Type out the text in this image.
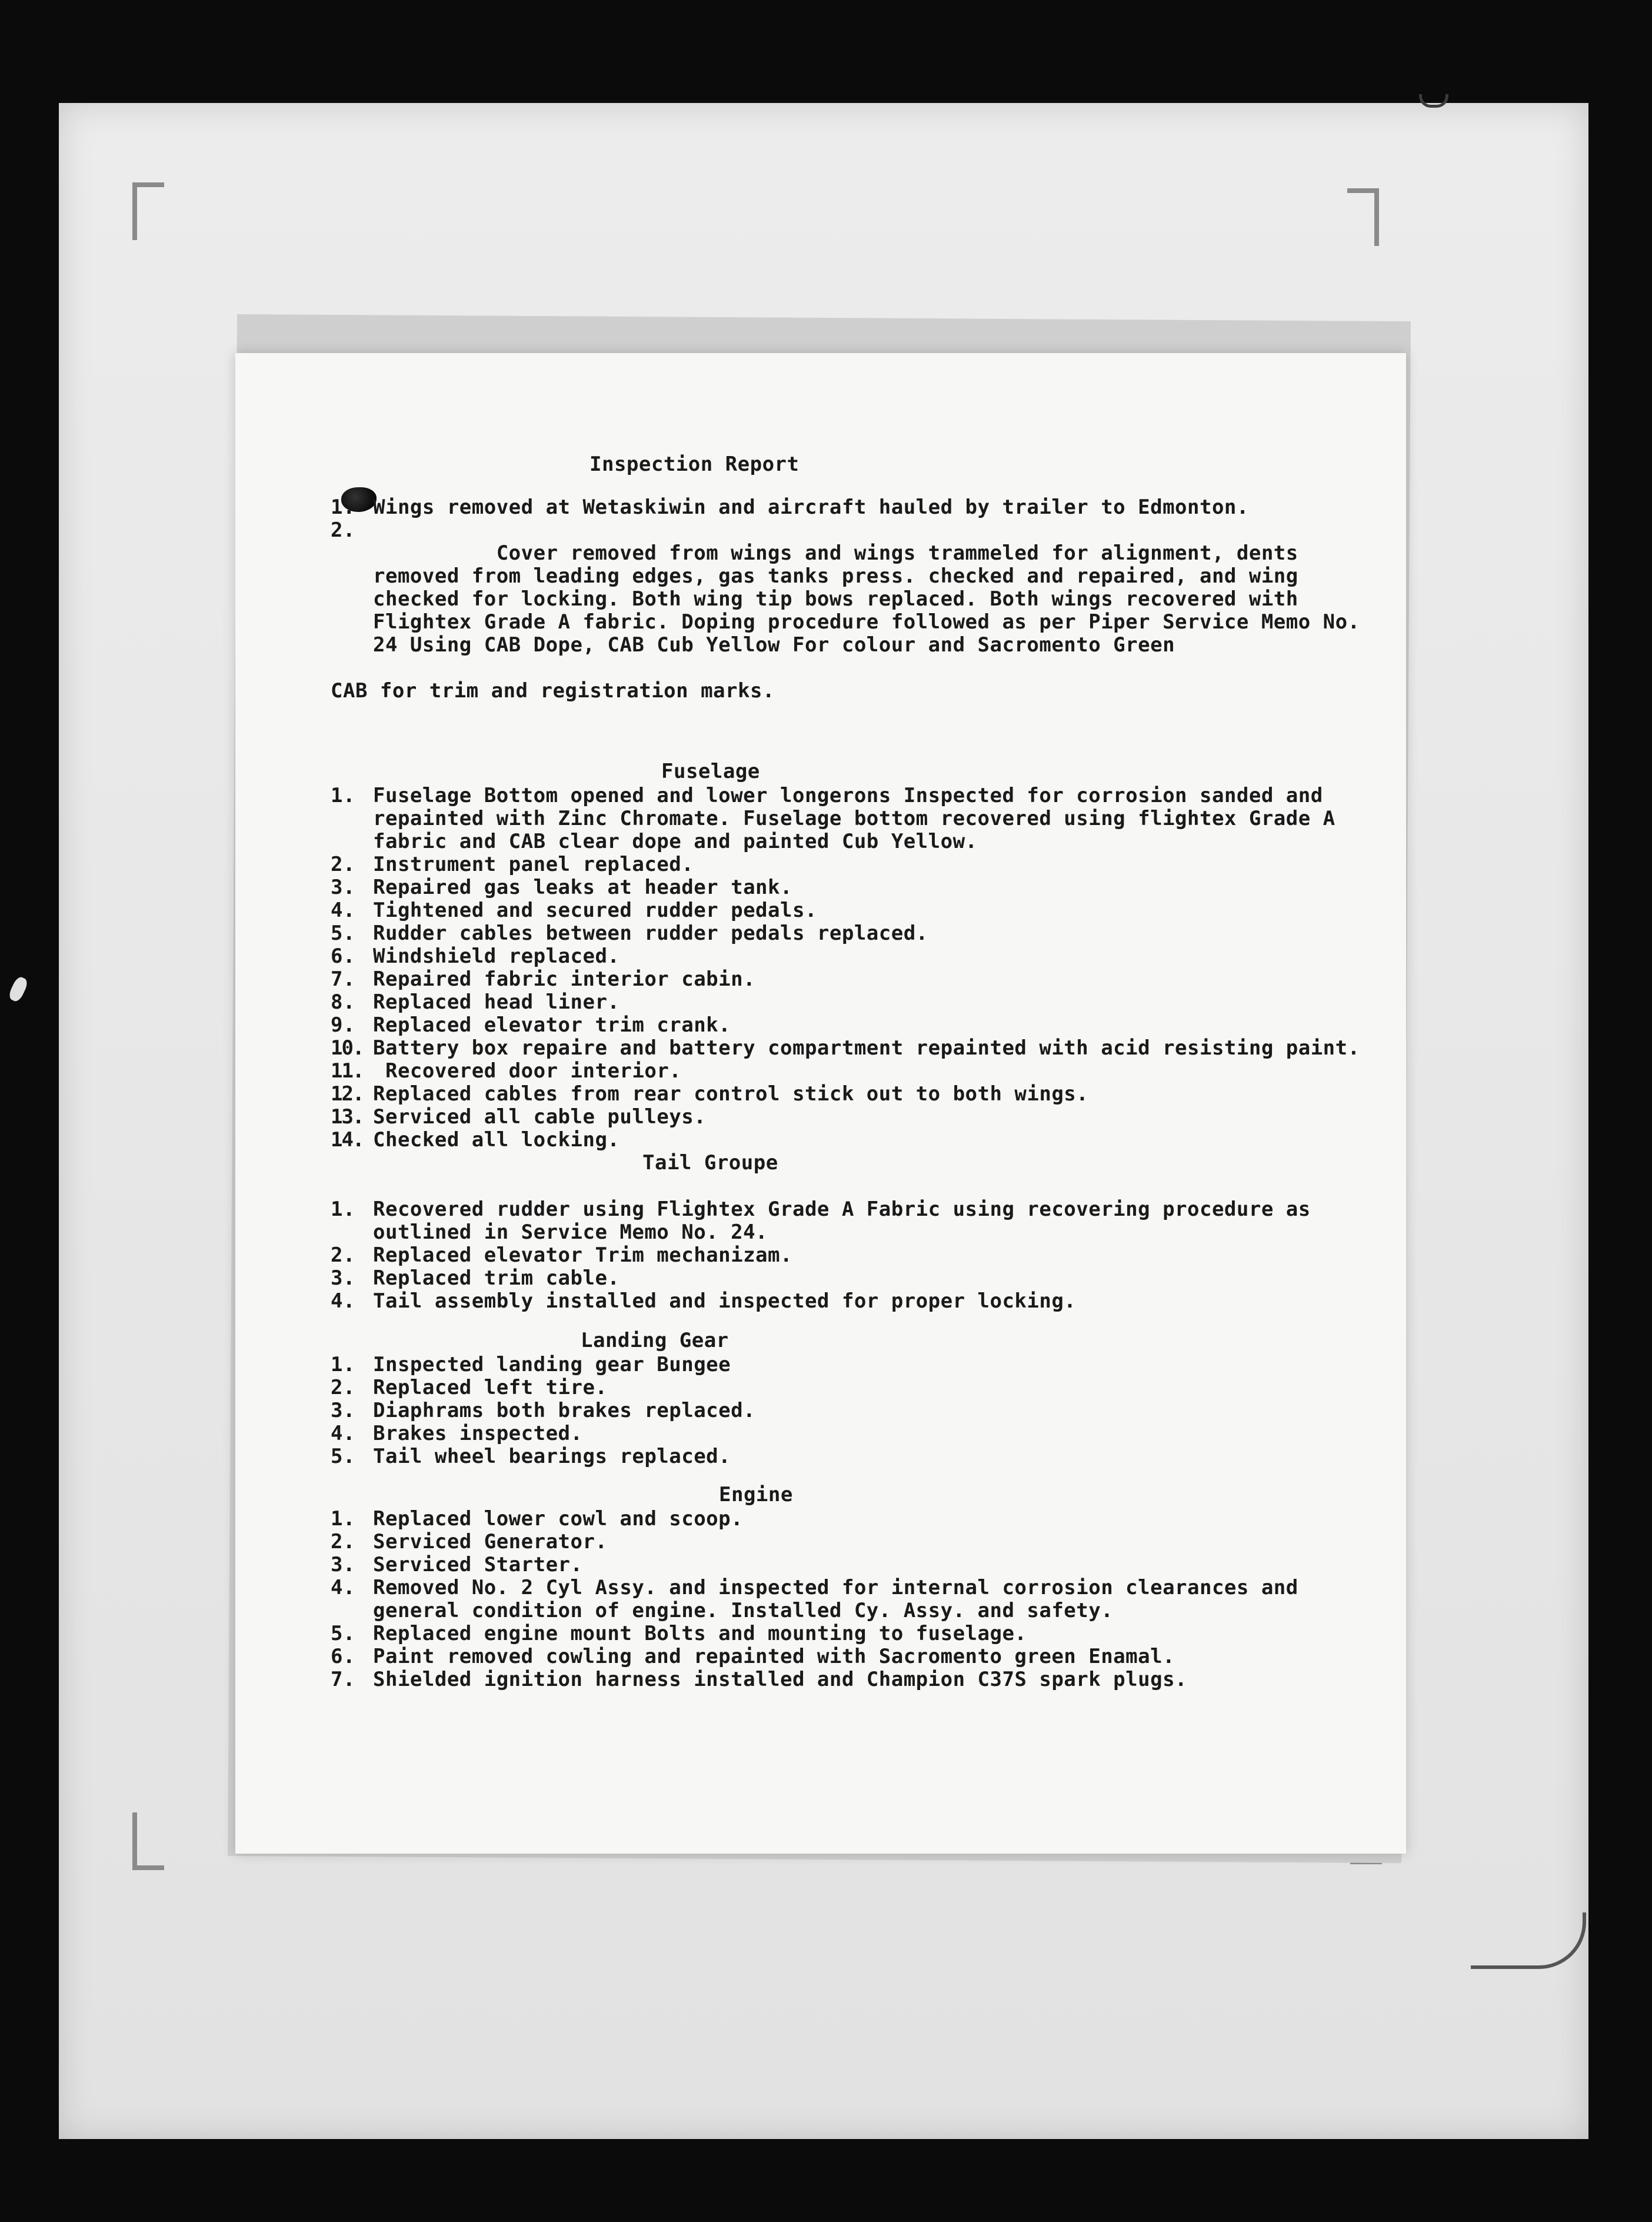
Inspection Report
1. Wings removed at Wetaskiwin and aircraft hauled by trailer to Edmonton.
2.

Cover removed from wings and wings trammeled for alignment, dents removed from leading edges, gas tanks press. checked and repaired, and wing checked for locking. Both wing tip bows replaced. Both wings recovered with Flightex Grade A fabric. Doping procedure followed as per Piper Service Memo No. 24 Using CAB Dope, CAB Cub Yellow For colour and Sacromento Green

CAB for trim and registration marks.

Fuselage
1. Fuselage Bottom opened and lower longerons Inspected for corrosion sanded and repainted with Zinc Chromate. Fuselage bottom recovered using flightex Grade A fabric and CAB clear dope and painted Cub Yellow.
2. Instrument panel replaced.
3. Repaired gas leaks at header tank.
4. Tightened and secured rudder pedals.
5. Rudder cables between rudder pedals replaced.
6. Windshield replaced.
7. Repaired fabric interior cabin.
8. Replaced head liner.
9. Replaced elevator trim crank.
10. Battery box repaire and battery compartment repainted with acid resisting paint.
11. Recovered door interior.
12. Replaced cables from rear control stick out to both wings.
13. Serviced all cable pulleys.
14. Checked all locking.
Tail Groupe
1. Recovered rudder using Flightex Grade A Fabric using recovering procedure as outlined in Service Memo No. 24.
2. Replaced elevator Trim mechanizam.
3. Replaced trim cable.
4. Tail assembly installed and inspected for proper locking.
Landing Gear
1. Inspected landing gear Bungee
2. Replaced left tire.
3. Diaphrams both brakes replaced.
4. Brakes inspected.
5. Tail wheel bearings replaced.
Engine
1. Replaced lower cowl and scoop.
2. Serviced Generator.
3. Serviced Starter.
4. Removed No. 2 Cyl Assy. and inspected for internal corrosion clearances and general condition of engine. Installed Cy. Assy. and safety.
5. Replaced engine mount Bolts and mounting to fuselage.
6. Paint removed cowling and repainted with Sacromento green Enamal.
7. Shielded ignition harness installed and Champion C37S spark plugs.
